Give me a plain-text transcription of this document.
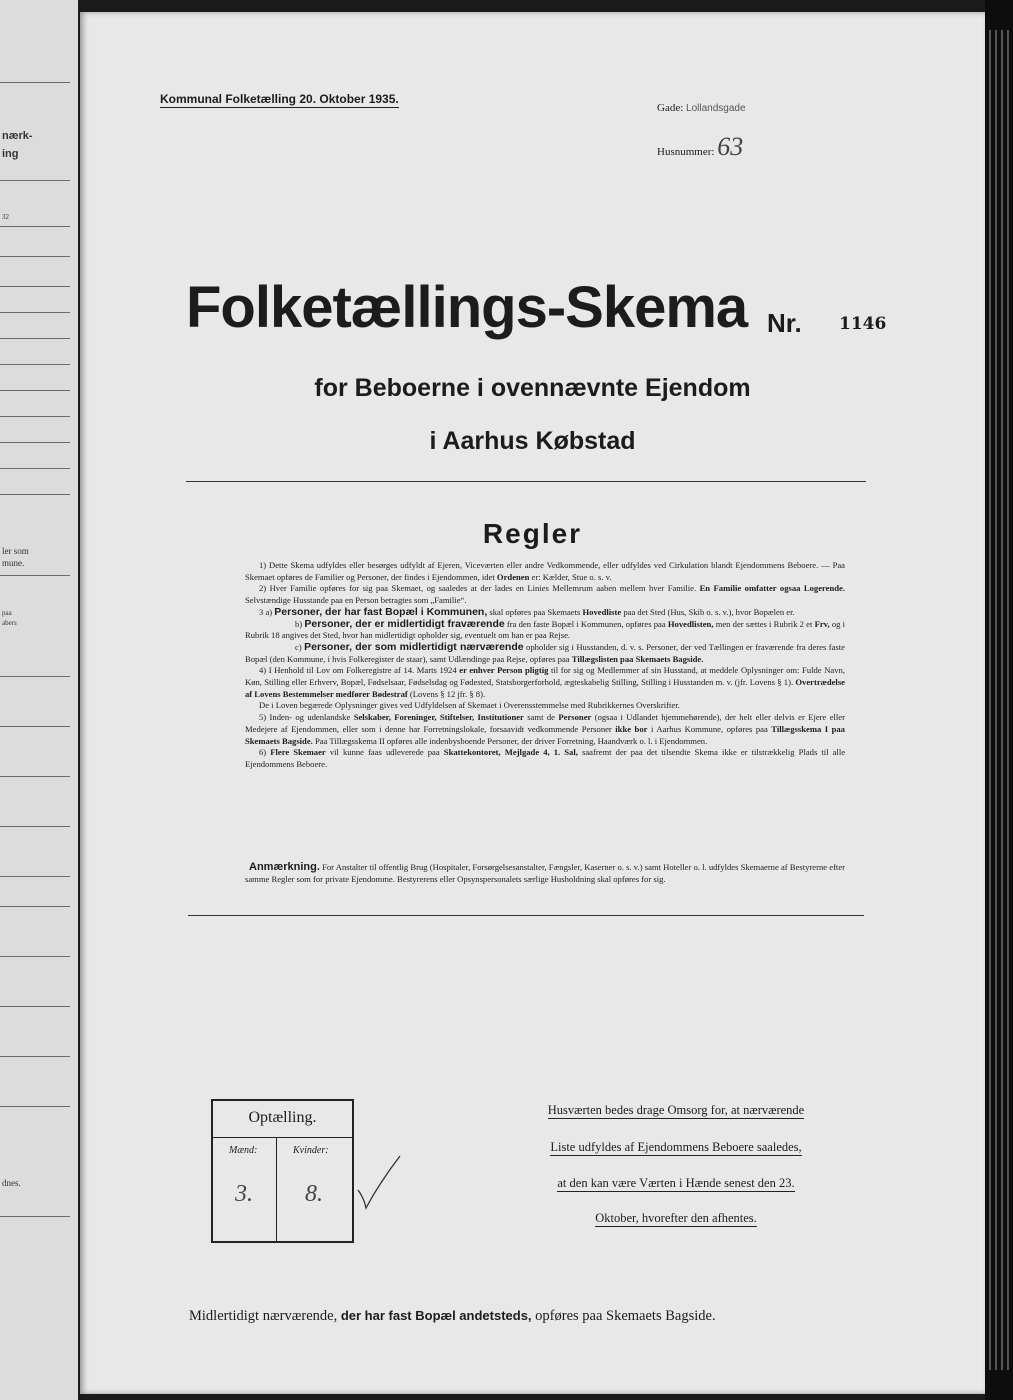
nærk-
ing
32
ler som
mune.
paa
abers
dnes.
Kommunal Folketælling 20. Oktober 1935.
Gade: Lollandsgade
Husnummer: 63
Folketællings-Skema Nr. 1146
for Beboerne i ovennævnte Ejendom
i Aarhus Købstad
Regler

1) Dette Skema udfyldes eller besørges udfyldt af Ejeren, Viceværten eller andre Vedkommende, eller udfyldes ved Cirkulation blandt Ejendommens Beboere. — Paa Skemaet opføres de Familier og Personer, der findes i Ejendommen, idet Ordenen er: Kælder, Stue o. s. v.

2) Hver Familie opføres for sig paa Skemaet, og saaledes at der lades en Linies Mellemrum aaben mellem hver Familie. En Familie omfatter ogsaa Logerende. Selvstændige Husstande paa en Person betragtes som „Familie“.

3 a) Personer, der har fast Bopæl i Kommunen, skal opføres paa Skemaets Hovedliste paa det Sted (Hus, Skib o. s. v.), hvor Bopælen er.

b) Personer, der er midlertidigt fraværende fra den faste Bopæl i Kommunen, opføres paa Hovedlisten, men der sættes i Rubrik 2 et Frv, og i Rubrik 18 angives det Sted, hvor han midlertidigt opholder sig, eventuelt om han er paa Rejse.

c) Personer, der som midlertidigt nærværende opholder sig i Husstanden, d. v. s. Personer, der ved Tællingen er fraværende fra deres faste Bopæl (den Kommune, i hvis Folkeregister de staar), samt Udlændinge paa Rejse, opføres paa Tillægslisten paa Skemaets Bagside.

4) I Henhold til Lov om Folkeregistre af 14. Marts 1924 er enhver Person pligtig til for sig og Medlemmer af sin Husstand, at meddele Oplysninger om: Fulde Navn, Køn, Stilling eller Erhverv, Bopæl, Fødselsaar, Fødselsdag og Fødested, Statsborgerforhold, ægteskabelig Stilling, Stilling i Husstanden m. v. (jfr. Lovens § 1). Overtrædelse af Lovens Bestemmelser medfører Bødestraf (Lovens § 12 jfr. § 8).

De i Loven begærede Oplysninger gives ved Udfyldelsen af Skemaet i Overensstemmelse med Rubrikkernes Overskrifter.

5) Inden- og udenlandske Selskaber, Foreninger, Stiftelser, Institutioner samt de Personer (ogsaa i Udlandet hjemmehørende), der helt eller delvis er Ejere eller Medejere af Ejendommen, eller som i denne har Forretningslokale, forsaavidt vedkommende Personer ikke bor i Aarhus Kommune, opføres paa Tillægsskema I paa Skemaets Bagside. Paa Tillægsskema II opføres alle indenbysboende Personer, der driver Forretning, Haandværk o. l. i Ejendommen.

6) Flere Skemaer vil kunne faas udleverede paa Skattekontoret, Mejlgade 4, 1. Sal, saafremt der paa det tilsendte Skema ikke er tilstrækkelig Plads til alle Ejendommens Beboere.

Anmærkning. For Anstalter til offentlig Brug (Hospitaler, Forsørgelsesanstalter, Fængsler, Kaserner o. s. v.) samt Hoteller o. l. udfyldes Skemaerne af Bestyrerne efter samme Regler som for private Ejendomme. Bestyrerens eller Opsynspersonalets særlige Husholdning skal opføres for sig.

Optælling.
Mænd:	Kvinder:
3. 8.
Husværten bedes drage Omsorg for, at nærværende
Liste udfyldes af Ejendommens Beboere saaledes,
at den kan være Værten i Hænde senest den 23.
Oktober, hvorefter den afhentes.
Midlertidigt nærværende, der har fast Bopæl andetsteds, opføres paa Skemaets Bagside.
